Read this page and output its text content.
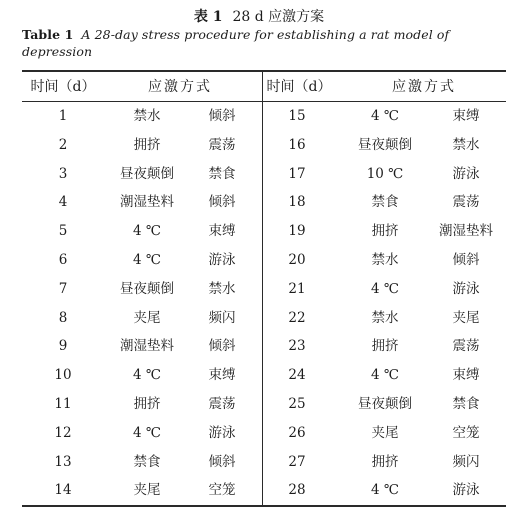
表 1 28 d 应激方案
Table 1 A 28-day stress procedure for establishing a rat model of depression
时间（d）	应激方式	时间（d）	应激方式
1	禁水	倾斜	15	4 ℃	束缚
2	拥挤	震荡	16	昼夜颠倒	禁水
3	昼夜颠倒	禁食	17	10 ℃	游泳
4	潮湿垫料	倾斜	18	禁食	震荡
5	4 ℃	束缚	19	拥挤	潮湿垫料
6	4 ℃	游泳	20	禁水	倾斜
7	昼夜颠倒	禁水	21	4 ℃	游泳
8	夹尾	频闪	22	禁水	夹尾
9	潮湿垫料	倾斜	23	拥挤	震荡
10	4 ℃	束缚	24	4 ℃	束缚
11	拥挤	震荡	25	昼夜颠倒	禁食
12	4 ℃	游泳	26	夹尾	空笼
13	禁食	倾斜	27	拥挤	频闪
14	夹尾	空笼	28	4 ℃	游泳
